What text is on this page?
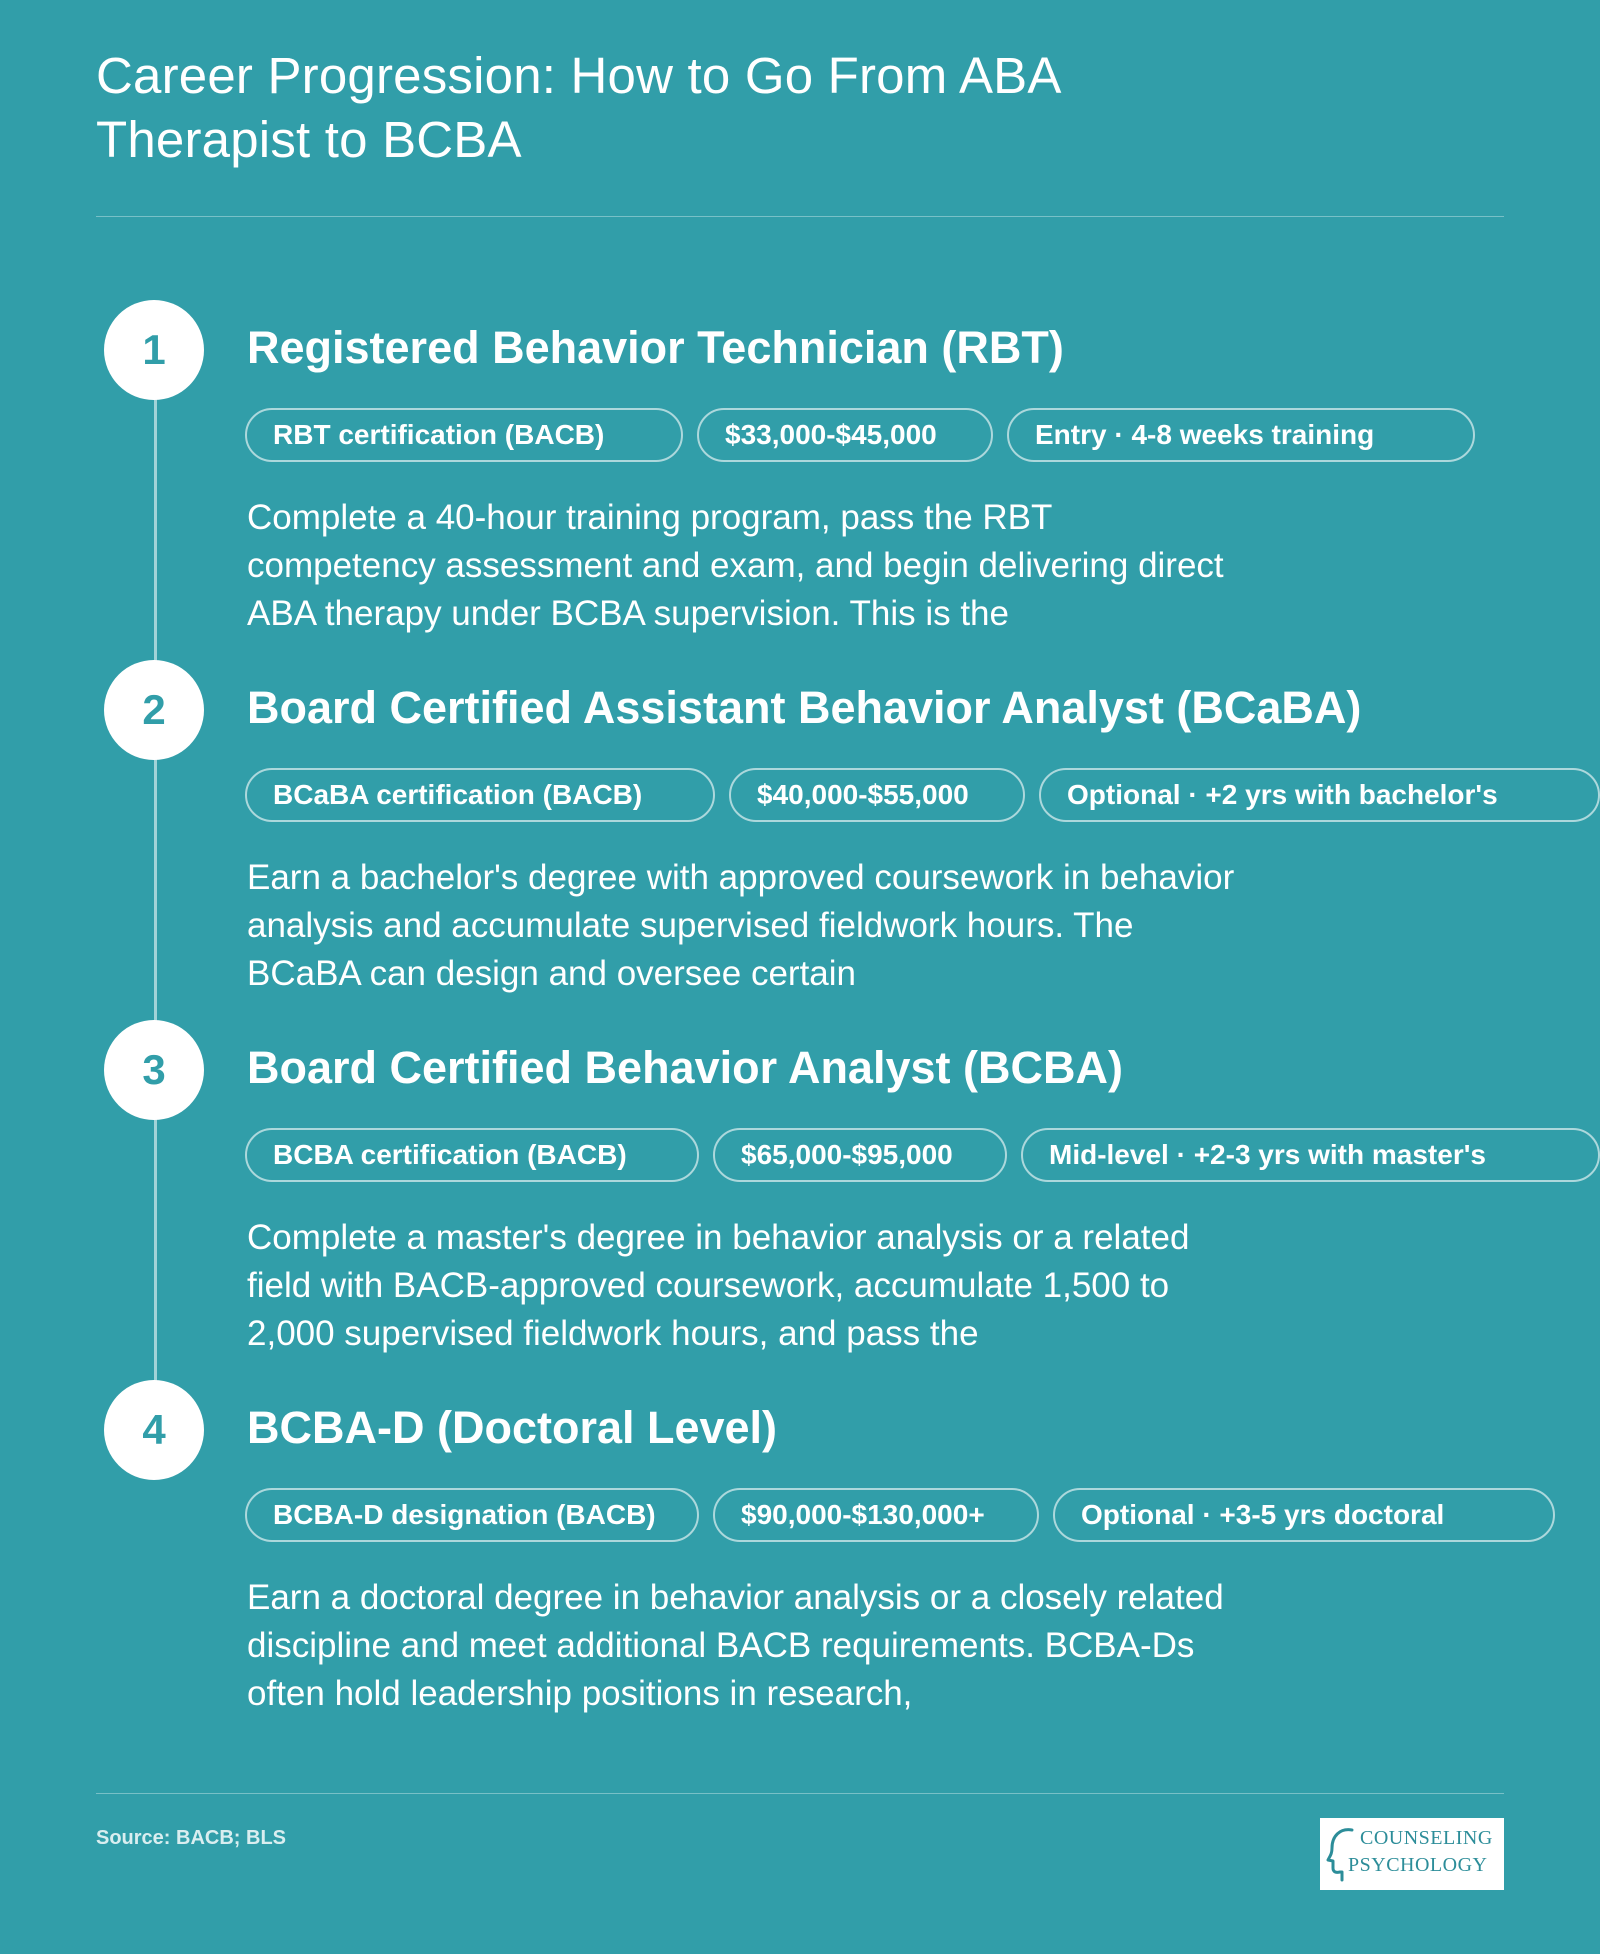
Career Progression: How to Go From ABA
Therapist to BCBA
1	Registered Behavior Technician (RBT)
RBT certification (BACB)	$33,000-$45,000	Entry · 4-8 weeks training

Complete a 40-hour training program, pass the RBT competency assessment and exam, and begin delivering direct ABA therapy under BCBA supervision. This is the

2	Board Certified Assistant Behavior Analyst (BCaBA)
BCaBA certification (BACB)	$40,000-$55,000	Optional · +2 yrs with bachelor's

Earn a bachelor's degree with approved coursework in behavior analysis and accumulate supervised fieldwork hours. The BCaBA can design and oversee certain

3	Board Certified Behavior Analyst (BCBA)
BCBA certification (BACB)	$65,000-$95,000	Mid-level · +2-3 yrs with master's

Complete a master's degree in behavior analysis or a related field with BACB-approved coursework, accumulate 1,500 to 2,000 supervised fieldwork hours, and pass the

4	BCBA-D (Doctoral Level)
BCBA-D designation (BACB)	$90,000-$130,000+	Optional · +3-5 yrs doctoral

Earn a doctoral degree in behavior analysis or a closely related discipline and meet additional BACB requirements. BCBA-Ds often hold leadership positions in research,

Source: BACB; BLS	COUNSELING
PSYCHOLOGY
